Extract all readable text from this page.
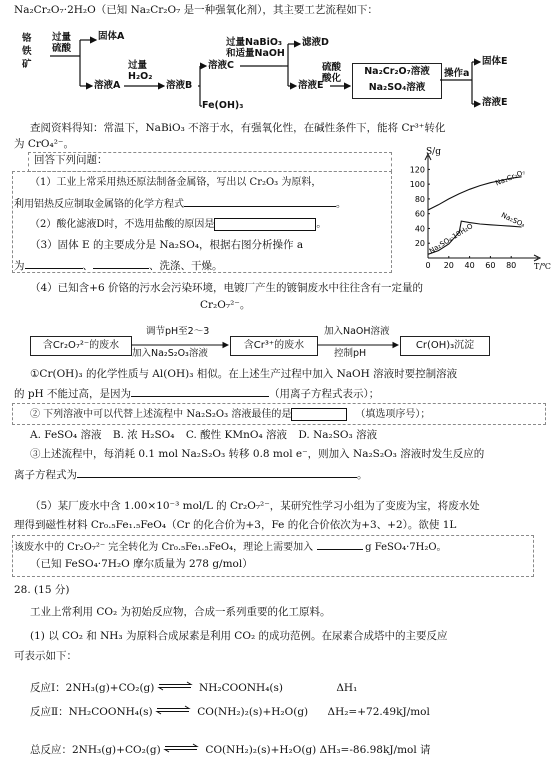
Na₂Cr₂O₇·2H₂O（已知 Na₂Cr₂O₇ 是一种强氧化剂），其主要工艺流程如下：
铬
铁
矿
过量
硫酸
固体A
溶液A
过量
H₂O₂
溶液B
Fe(OH)₃
溶液C
过量NaBiO₃
和适量NaOH
滤液D
溶液E
硫酸
酸化
Na₂Cr₂O₇溶液
Na₂SO₄溶液
操作a
固体E
溶液E
查阅资料得知：常温下，NaBiO₃ 不溶于水，有强氧化性，在碱性条件下，能将 Cr³⁺转化
为 CrO₄²⁻。
回答下列问题：
（1）工业上常采用热还原法制备金属铬，写出以 Cr₂O₃ 为原料，
利用铝热反应制取金属铬的化学方程式	。
（2）酸化滤液D时，不选用盐酸的原因是	。
（3）固体 E 的主要成分是 Na₂SO₄，根据右图分析操作 a
为	、	、洗涤、干燥。
20
40
60
80
100
120
0 20 40 60 80
S/g
T/℃
Na₂Cr₂O₇
Na₂SO₄
Na₂SO₄·10H₂O
（4）已知含+6 价铬的污水会污染环境，电镀厂产生的镀铜废水中往往含有一定量的
Cr₂O₇²⁻。
含Cr₂O₇²⁻的废水
调节pH至2～3
加入Na₂S₂O₃溶液
含Cr³⁺的废水
加入NaOH溶液
控制pH
Cr(OH)₃沉淀
①Cr(OH)₃ 的化学性质与 Al(OH)₃ 相似。在上述生产过程中加入 NaOH 溶液时要控制溶液
的 pH 不能过高，是因为	（用离子方程式表示）；
② 下列溶液中可以代替上述流程中 Na₂S₂O₃ 溶液最佳的是	（填选项序号）；
A. FeSO₄ 溶液 B. 浓 H₂SO₄ C. 酸性 KMnO₄ 溶液 D. Na₂SO₃ 溶液
③上述流程中，每消耗 0.1 mol Na₂S₂O₃ 转移 0.8 mol e⁻，则加入 Na₂S₂O₃ 溶液时发生反应的
离子方程式为	。
（5）某厂废水中含 1.00×10⁻³ mol/L 的 Cr₂O₇²⁻，某研究性学习小组为了变废为宝，将废水处
理得到磁性材料 Cr₀.₅Fe₁.₅FeO₄（Cr 的化合价为+3，Fe 的化合价依次为+3、+2）。欲使 1L
该废水中的 Cr₂O₇²⁻ 完全转化为 Cr₀.₅Fe₁.₅FeO₄，理论上需要加入	g FeSO₄·7H₂O。
（已知 FeSO₄·7H₂O 摩尔质量为 278 g/mol）
28. (15 分)
工业上常利用 CO₂ 为初始反应物，合成一系列重要的化工原料。
(1) 以 CO₂ 和 NH₃ 为原料合成尿素是利用 CO₂ 的成功范例。在尿素合成塔中的主要反应
可表示如下：
反应Ⅰ：2NH₃(g)+CO₂(g) ⇌ NH₂COONH₄(s)	ΔH₁
反应Ⅱ：NH₂COONH₄(s) ⇌ CO(NH₂)₂(s)+H₂O(g) ΔH₂=+72.49kJ/mol
总反应：2NH₃(g)+CO₂(g) ⇌ CO(NH₂)₂(s)+H₂O(g) ΔH₃=-86.98kJ/mol 请
